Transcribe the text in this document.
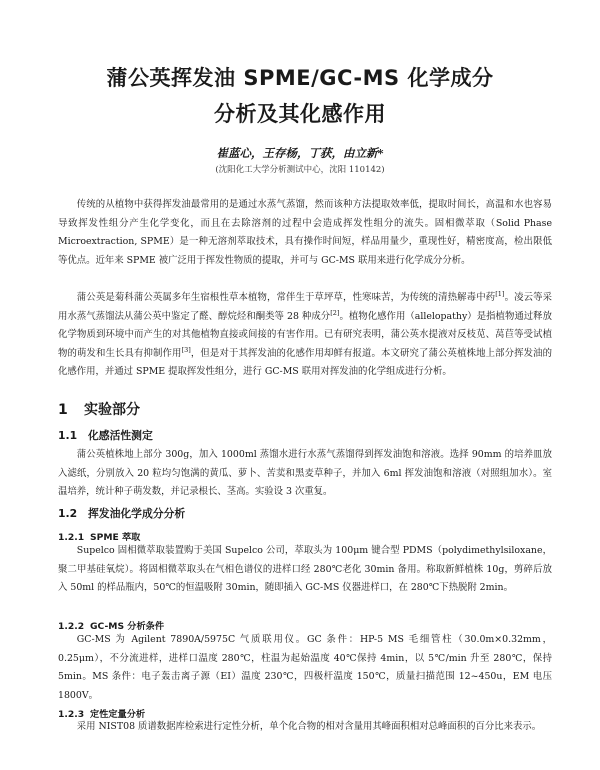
蒲公英挥发油 SPME/GC-MS 化学成分
分析及其化感作用
崔蓝心，王存杨，丁获，由立新*
(沈阳化工大学分析测试中心，沈阳 110142)
传统的从植物中获得挥发油最常用的是通过水蒸气蒸馏，然而该种方法提取效率低，提取时间长，高温和水也容易导致挥发性组分产生化学变化，而且在去除溶剂的过程中会造成挥发性组分的流失。固相微萃取（Solid Phase Microextraction, SPME）是一种无溶剂萃取技术，具有操作时间短，样品用量少，重现性好，精密度高，检出限低等优点。近年来 SPME 被广泛用于挥发性物质的提取，并可与 GC-MS 联用来进行化学成分分析。
蒲公英是菊科蒲公英属多年生宿根性草本植物，常伴生于草坪草，性寒味苦，为传统的清热解毒中药[1]。凌云等采用水蒸气蒸馏法从蒲公英中鉴定了醛、醇烷烃和酮类等 28 种成分[2]。植物化感作用（allelopathy）是指植物通过释放化学物质到环境中而产生的对其他植物直接或间接的有害作用。已有研究表明，蒲公英水提液对反枝苋、莴苣等受试植物的萌发和生长具有抑制作用[3]，但是对于其挥发油的化感作用却鲜有报道。本文研究了蒲公英植株地上部分挥发油的化感作用，并通过 SPME 提取挥发性组分，进行 GC-MS 联用对挥发油的化学组成进行分析。
1 实验部分
1.1 化感活性测定
蒲公英植株地上部分 300g，加入 1000ml 蒸馏水进行水蒸气蒸馏得到挥发油饱和溶液。选择 90mm 的培养皿放入滤纸，分别放入 20 粒均匀饱满的黄瓜、萝卜、苦荬和黑麦草种子，并加入 6ml 挥发油饱和溶液（对照组加水）。室温培养，统计种子萌发数，并记录根长、茎高。实验设 3 次重复。
1.2 挥发油化学成分分析
1.2.1 SPME 萃取
Supelco 固相微萃取装置购于美国 Supelco 公司，萃取头为 100μm 键合型 PDMS（polydimethylsiloxane，聚二甲基硅氧烷）。将固相微萃取头在气相色谱仪的进样口经 280℃老化 30min 备用。称取新鲜植株 10g，剪碎后放入 50ml 的样品瓶内，50℃的恒温吸附 30min，随即插入 GC-MS 仪器进样口，在 280℃下热脱附 2min。
1.2.2 GC-MS 分析条件
GC-MS 为 Agilent 7890A/5975C 气质联用仪。GC 条件：HP-5 MS 毛细管柱（30.0m×0.32mm，0.25μm），不分流进样，进样口温度 280℃，柱温为起始温度 40℃保持 4min，以 5℃/min 升至 280℃，保持 5min。MS 条件：电子轰击离子源（EI）温度 230℃，四极杆温度 150℃，质量扫描范围 12~450u，EM 电压 1800V。
1.2.3 定性定量分析
采用 NIST08 质谱数据库检索进行定性分析，单个化合物的相对含量用其峰面积相对总峰面积的百分比来表示。
